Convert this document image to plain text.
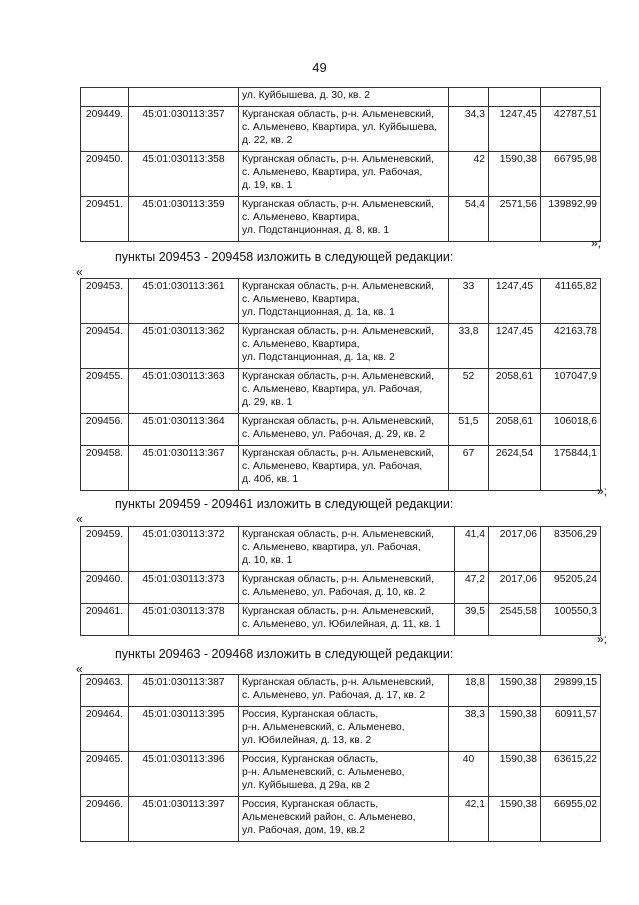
49

		ул. Куйбышева, д. 30, кв. 2			

209449.	45:01:030113:357	Курганская область, р-н. Альменевский,
с. Альменево, Квартира, ул. Куйбышева,
д. 22, кв. 2	34,3	1247,45	42787,51
209450.	45:01:030113:358	Курганская область, р-н. Альменевский,
с. Альменево, Квартира, ул. Рабочая,
д. 19, кв. 1	42	1590,38	66795,98
209451.	45:01:030113:359	Курганская область, р-н. Альменевский,
с. Альменево, Квартира,
ул. Подстанционная, д. 8, кв. 1	54,4	2571,56	139892,99
»;
пункты 209453 - 209458 изложить в следующей редакции:
«
209453.	45:01:030113:361	Курганская область, р-н. Альменевский,
с. Альменево, Квартира,
ул. Подстанционная, д. 1а, кв. 1	33	1247,45	41165,82
209454.	45:01:030113:362	Курганская область, р-н. Альменевский,
с. Альменево, Квартира,
ул. Подстанционная, д. 1а, кв. 2	33,8	1247,45	42163,78
209455.	45:01:030113:363	Курганская область, р-н. Альменевский,
с. Альменево, Квартира, ул. Рабочая,
д. 29, кв. 1	52	2058,61	107047,9
209456.	45:01:030113:364	Курганская область, р-н. Альменевский,
с. Альменево, ул. Рабочая, д. 29, кв. 2	51,5	2058,61	106018,6
209458.	45:01:030113:367	Курганская область, р-н. Альменевский,
с. Альменево, Квартира, ул. Рабочая,
д. 40б, кв. 1	67	2624,54	175844,1
»;
пункты 209459 - 209461 изложить в следующей редакции:
«
209459.	45:01:030113:372	Курганская область, р-н. Альменевский,
с. Альменево, квартира, ул. Рабочая,
д. 10, кв. 1	41,4	2017,06	83506,29
209460.	45:01:030113:373	Курганская область, р-н. Альменевский,
с. Альменево, ул. Рабочая, д. 10, кв. 2	47,2	2017,06	95205,24
209461.	45:01:030113:378	Курганская область, р-н. Альменевский,
с. Альменево, ул. Юбилейная, д. 11, кв. 1	39,5	2545,58	100550,3
»;
пункты 209463 - 209468 изложить в следующей редакции:
«
209463.	45:01:030113:387	Курганская область, р-н. Альменевский,
с. Альменево, ул. Рабочая, д. 17, кв. 2	18,8	1590,38	29899,15
209464.	45:01:030113:395	Россия, Курганская область,
р-н. Альменевский, с. Альменево,
ул. Юбилейная, д. 13, кв. 2	38,3	1590,38	60911,57
209465.	45:01:030113:396	Россия, Курганская область,
р-н. Альменевский, с. Альменево,
ул. Куйбышева, д 29а, кв 2	40	1590,38	63615,22
209466.	45:01:030113:397	Россия, Курганская область,
Альменевский район, с. Альменево,
ул. Рабочая, дом, 19, кв.2	42,1	1590,38	66955,02
